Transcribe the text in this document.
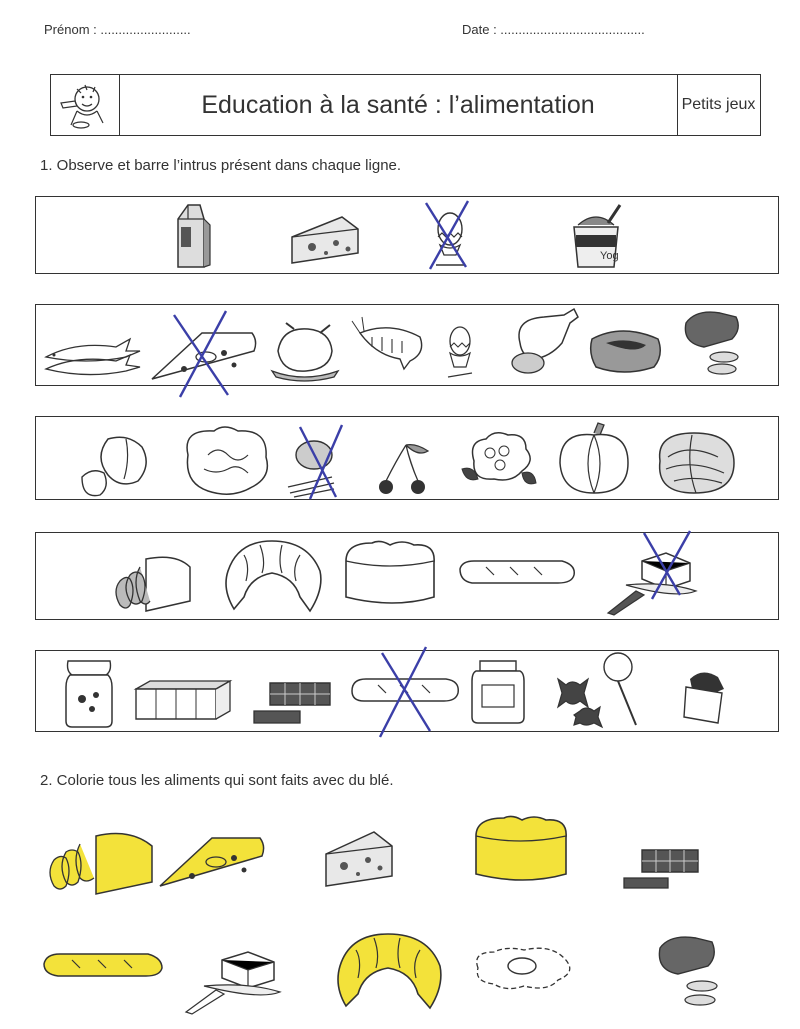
Prénom : .........................	Date : ........................................
Education à la santé : l’alimentation	Petits jeux
1. Observe et barre l’intrus présent dans chaque ligne.
Yog
2. Colorie tous les aliments qui sont faits avec du blé.
